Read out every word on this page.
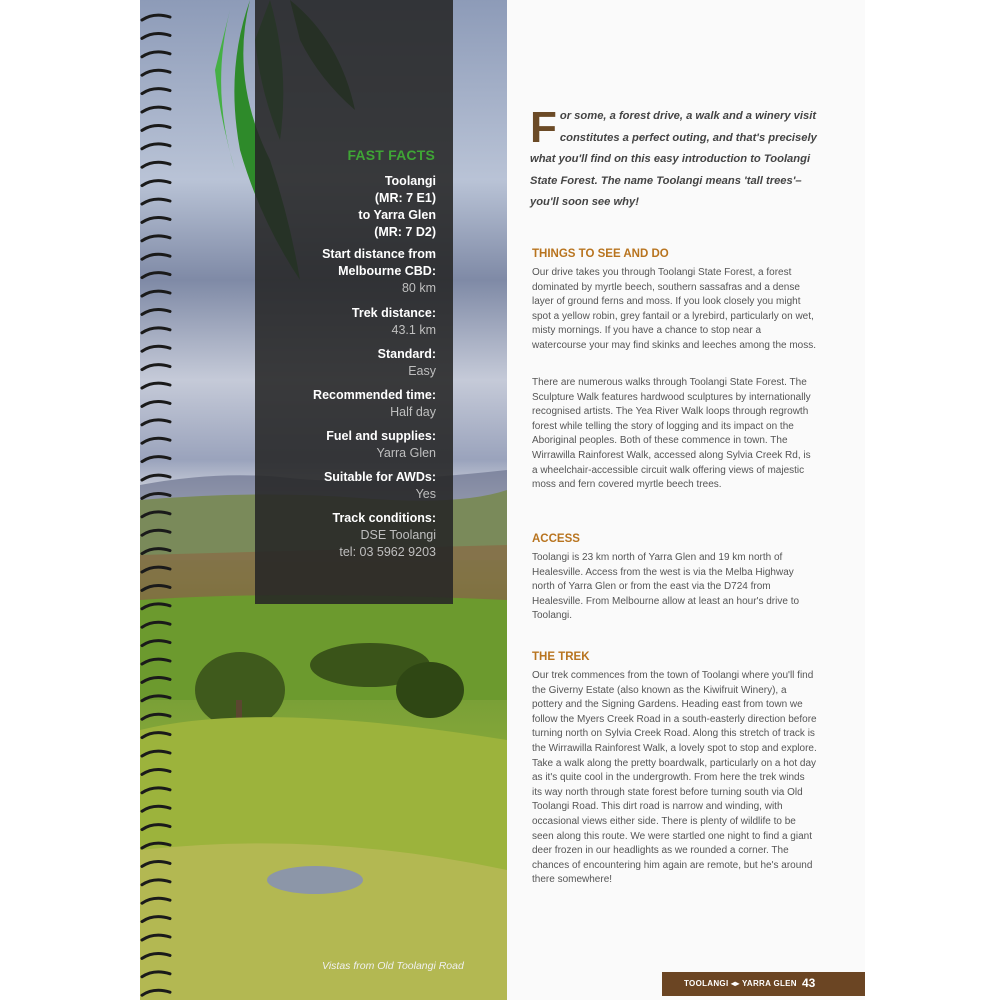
FAST FACTS
Toolangi
(MR: 7 E1)
to Yarra Glen
(MR: 7 D2)
Start distance from Melbourne CBD:
80 km
Trek distance:
43.1 km
Standard:
Easy
Recommended time:
Half day
Fuel and supplies:
Yarra Glen
Suitable for AWDs:
Yes
Track conditions:
DSE Toolangi
tel: 03 5962 9203
Vistas from Old Toolangi Road
For some, a forest drive, a walk and a winery visit constitutes a perfect outing, and that's precisely what you'll find on this easy introduction to Toolangi State Forest. The name Toolangi means 'tall trees'–you'll soon see why!
THINGS TO SEE AND DO
Our drive takes you through Toolangi State Forest, a forest dominated by myrtle beech, southern sassafras and a dense layer of ground ferns and moss. If you look closely you might spot a yellow robin, grey fantail or a lyrebird, particularly on wet, misty mornings. If you have a chance to stop near a watercourse your may find skinks and leeches among the moss.
There are numerous walks through Toolangi State Forest. The Sculpture Walk features hardwood sculptures by internationally recognised artists. The Yea River Walk loops through regrowth forest while telling the story of logging and its impact on the Aboriginal peoples. Both of these commence in town. The Wirrawilla Rainforest Walk, accessed along Sylvia Creek Rd, is a wheelchair-accessible circuit walk offering views of majestic moss and fern covered myrtle beech trees.
ACCESS
Toolangi is 23 km north of Yarra Glen and 19 km north of Healesville. Access from the west is via the Melba Highway north of Yarra Glen or from the east via the D724 from Healesville. From Melbourne allow at least an hour's drive to Toolangi.
THE TREK
Our trek commences from the town of Toolangi where you'll find the Giverny Estate (also known as the Kiwifruit Winery), a pottery and the Signing Gardens. Heading east from town we follow the Myers Creek Road in a south-easterly direction before turning north on Sylvia Creek Road. Along this stretch of track is the Wirrawilla Rainforest Walk, a lovely spot to stop and explore. Take a walk along the pretty boardwalk, particularly on a hot day as it's quite cool in the undergrowth. From here the trek winds its way north through state forest before turning south via Old Toolangi Road. This dirt road is narrow and winding, with occasional views either side. There is plenty of wildlife to be seen along this route. We were startled one night to find a giant deer frozen in our headlights as we rounded a corner. The chances of encountering him again are remote, but he's around there somewhere!
TOOLANGI ◂▸ YARRA GLEN 43
